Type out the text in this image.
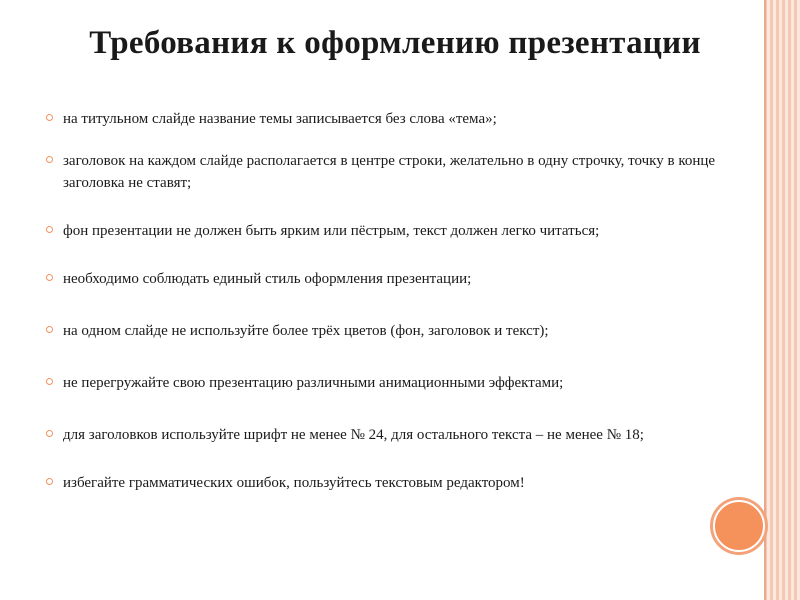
Требования к оформлению презентации
на титульном слайде название темы записывается без слова «тема»;
заголовок на каждом слайде располагается в центре строки, желательно в одну строчку, точку в конце заголовка не ставят;
фон презентации не должен быть ярким или пёстрым, текст должен легко читаться;
необходимо соблюдать единый стиль оформления презентации;
на одном слайде не используйте более трёх цветов (фон, заголовок и текст);
не перегружайте свою презентацию различными анимационными эффектами;
для заголовков используйте шрифт не менее № 24, для остального текста – не менее № 18;
избегайте грамматических ошибок, пользуйтесь текстовым редактором!
